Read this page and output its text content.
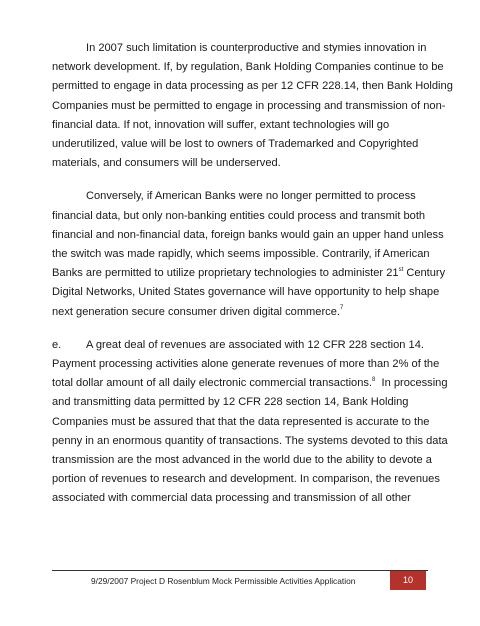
In 2007 such limitation is counterproductive and stymies innovation in
network development. If, by regulation, Bank Holding Companies continue to be
permitted to engage in data processing as per 12 CFR 228.14, then Bank Holding
Companies must be permitted to engage in processing and transmission of non-
financial data. If not, innovation will suffer, extant technologies will go
underutilized, value will be lost to owners of Trademarked and Copyrighted
materials, and consumers will be underserved.
Conversely, if American Banks were no longer permitted to process
financial data, but only non-banking entities could process and transmit both
financial and non-financial data, foreign banks would gain an upper hand unless
the switch was made rapidly, which seems impossible. Contrarily, if American
Banks are permitted to utilize proprietary technologies to administer 21st Century
Digital Networks, United States governance will have opportunity to help shape
next generation secure consumer driven digital commerce.$^7$
e. A great deal of revenues are associated with 12 CFR 228 section 14.
Payment processing activities alone generate revenues of more than 2% of the
total dollar amount of all daily electronic commercial transactions.$^8$  In processing
and transmitting data permitted by 12 CFR 228 section 14, Bank Holding
Companies must be assured that that the data represented is accurate to the
penny in an enormous quantity of transactions. The systems devoted to this data
transmission are the most advanced in the world due to the ability to devote a
portion of revenues to research and development. In comparison, the revenues
associated with commercial data processing and transmission of all other
9/29/2007 Project D Rosenblum Mock Permissible Activities Application	10
